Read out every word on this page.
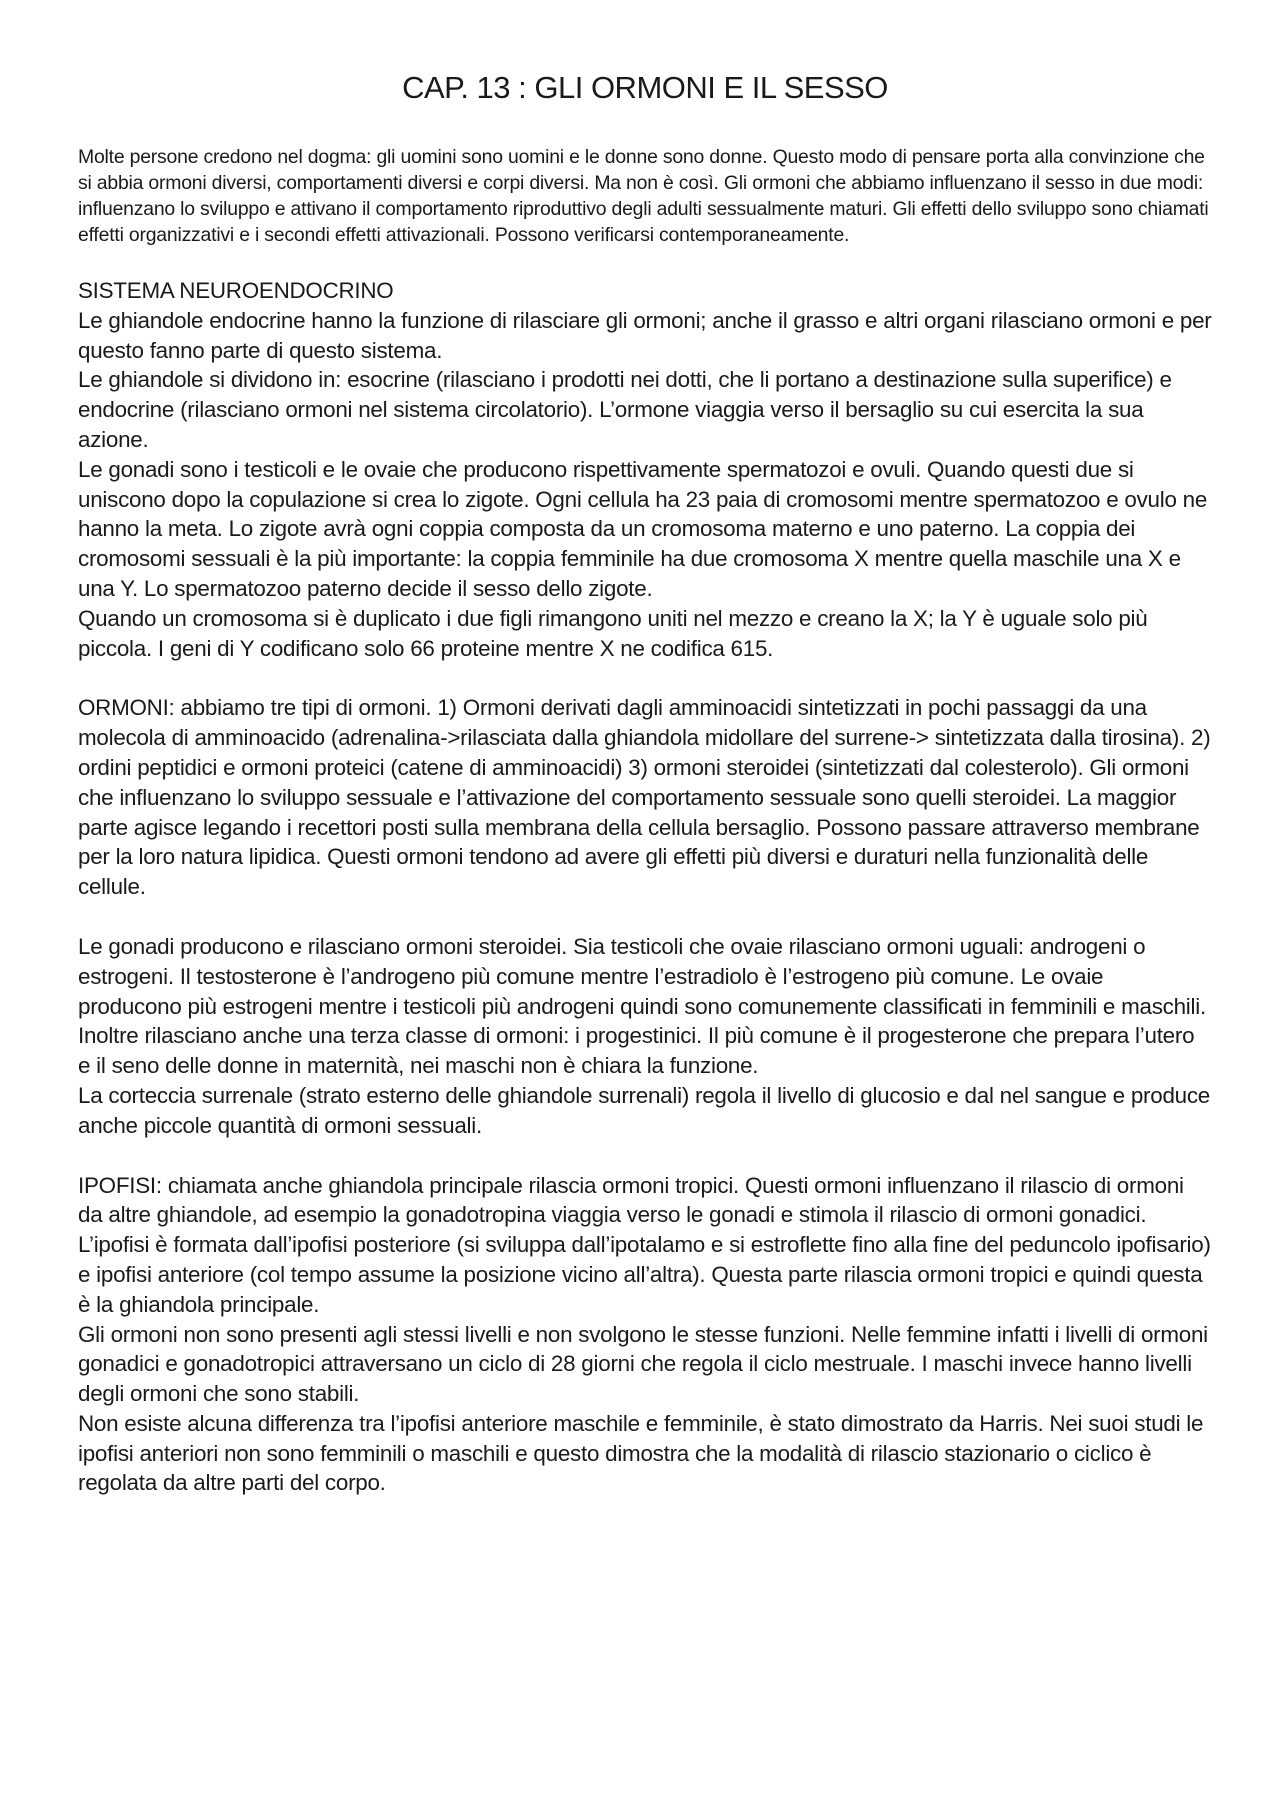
CAP. 13 : GLI ORMONI E IL SESSO

Molte persone credono nel dogma: gli uomini sono uomini e le donne sono donne. Questo modo di pensare porta alla convinzione che si abbia ormoni diversi, comportamenti diversi e corpi diversi. Ma non è così. Gli ormoni che abbiamo influenzano il sesso in due modi: influenzano lo sviluppo e attivano il comportamento riproduttivo degli adulti sessualmente maturi. Gli effetti dello sviluppo sono chiamati effetti organizzativi e i secondi effetti attivazionali. Possono verificarsi contemporaneamente.

SISTEMA NEUROENDOCRINO

Le ghiandole endocrine hanno la funzione di rilasciare gli ormoni; anche il grasso e altri organi rilasciano ormoni e per questo fanno parte di questo sistema.

Le ghiandole si dividono in: esocrine (rilasciano i prodotti nei dotti, che li portano a destinazione sulla superifice) e endocrine (rilasciano ormoni nel sistema circolatorio). L’ormone viaggia verso il bersaglio su cui esercita la sua azione.

Le gonadi sono i testicoli e le ovaie che producono rispettivamente spermatozoi e ovuli. Quando questi due si uniscono dopo la copulazione si crea lo zigote. Ogni cellula ha 23 paia di cromosomi mentre spermatozoo e ovulo ne hanno la meta. Lo zigote avrà ogni coppia composta da un cromosoma materno e uno paterno. La coppia dei cromosomi sessuali è la più importante: la coppia femminile ha due cromosoma X mentre quella maschile una X e una Y. Lo spermatozoo paterno decide il sesso dello zigote.

Quando un cromosoma si è duplicato i due figli rimangono uniti nel mezzo e creano la X; la Y è uguale solo più piccola. I geni di Y codificano solo 66 proteine mentre X ne codifica 615.

ORMONI: abbiamo tre tipi di ormoni. 1) Ormoni derivati dagli amminoacidi sintetizzati in pochi passaggi da una molecola di amminoacido (adrenalina->rilasciata dalla ghiandola midollare del surrene-> sintetizzata dalla tirosina). 2) ordini peptidici e ormoni proteici (catene di amminoacidi) 3) ormoni steroidei (sintetizzati dal colesterolo). Gli ormoni che influenzano lo sviluppo sessuale e l’attivazione del comportamento sessuale sono quelli steroidei. La maggior parte agisce legando i recettori posti sulla membrana della cellula bersaglio. Possono passare attraverso membrane per la loro natura lipidica. Questi ormoni tendono ad avere gli effetti più diversi e duraturi nella funzionalità delle cellule.

Le gonadi producono e rilasciano ormoni steroidei. Sia testicoli che ovaie rilasciano ormoni uguali: androgeni o estrogeni. Il testosterone è l’androgeno più comune mentre l’estradiolo è l’estrogeno più comune. Le ovaie producono più estrogeni mentre i testicoli più androgeni quindi sono comunemente classificati in femminili e maschili. Inoltre rilasciano anche una terza classe di ormoni: i progestinici. Il più comune è il progesterone che prepara l’utero e il seno delle donne in maternità, nei maschi non è chiara la funzione.

La corteccia surrenale (strato esterno delle ghiandole surrenali) regola il livello di glucosio e dal nel sangue e produce anche piccole quantità di ormoni sessuali.

IPOFISI: chiamata anche ghiandola principale rilascia ormoni tropici. Questi ormoni influenzano il rilascio di ormoni da altre ghiandole, ad esempio la gonadotropina viaggia verso le gonadi e stimola il rilascio di ormoni gonadici.

L’ipofisi è formata dall’ipofisi posteriore (si sviluppa dall’ipotalamo e si estroflette fino alla fine del peduncolo ipofisario) e ipofisi anteriore (col tempo assume la posizione vicino all’altra). Questa parte rilascia ormoni tropici e quindi questa è la ghiandola principale.

Gli ormoni non sono presenti agli stessi livelli e non svolgono le stesse funzioni. Nelle femmine infatti i livelli di ormoni gonadici e gonadotropici attraversano un ciclo di 28 giorni che regola il ciclo mestruale. I maschi invece hanno livelli degli ormoni che sono stabili.

Non esiste alcuna differenza tra l’ipofisi anteriore maschile e femminile, è stato dimostrato da Harris. Nei suoi studi le ipofisi anteriori non sono femminili o maschili e questo dimostra che la modalità di rilascio stazionario o ciclico è regolata da altre parti del corpo.
